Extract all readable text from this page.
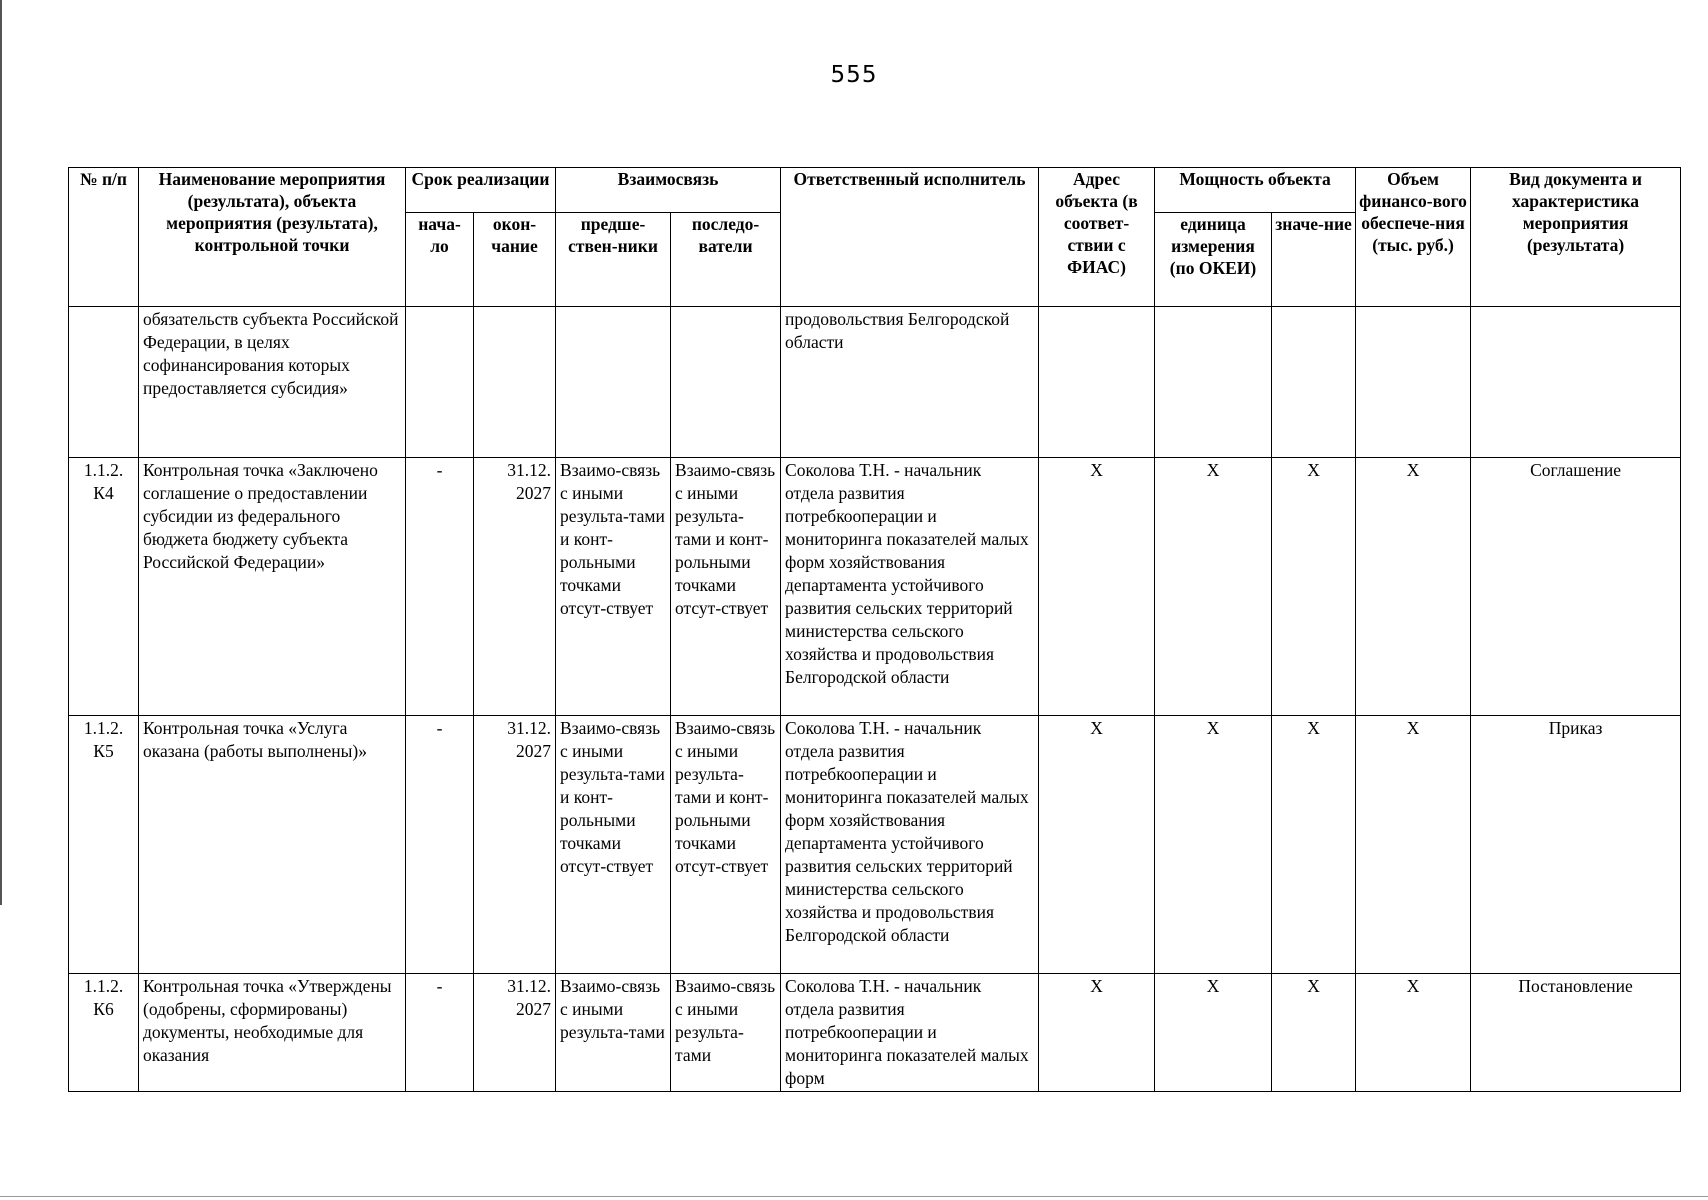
555
№ п/п	Наименование мероприятия (результата), объекта мероприятия (результата), контрольной точки	Срок реализации		Взаимосвязь		Ответственный исполнитель	Адрес объекта (в соответ-ствии с ФИАС)	Мощность объекта		Объем финансо-вого обеспече-ния (тыс. руб.)	Вид документа и характеристика мероприятия (результата)
		нача-ло	окон-чание	предше-ствен-ники	последо-ватели			единица измерения (по ОКЕИ)	значе-ние		
	обязательств субъекта Российской Федерации, в целях софинансирования которых предоставляется субсидия»					продовольствия Белгородской области					
1.1.2. К4	Контрольная точка «Заключено соглашение о предоставлении субсидии из федерального бюджета бюджету субъекта Российской Федерации»	-	31.12. 2027	Взаимо-связь с иными результа-тами и конт-рольными точками отсут-ствует	Взаимо-связь с иными результа-тами и конт-рольными точками отсут-ствует	Соколова Т.Н. - начальник отдела развития потребкооперации и мониторинга показателей малых форм хозяйствования департамента устойчивого развития сельских территорий министерства сельского хозяйства и продовольствия Белгородской области	Х	Х	Х	Х	Соглашение
1.1.2. К5	Контрольная точка «Услуга оказана (работы выполнены)»	-	31.12. 2027	Взаимо-связь с иными результа-тами и конт-рольными точками отсут-ствует	Взаимо-связь с иными результа-тами и конт-рольными точками отсут-ствует	Соколова Т.Н. - начальник отдела развития потребкооперации и мониторинга показателей малых форм хозяйствования департамента устойчивого развития сельских территорий министерства сельского хозяйства и продовольствия Белгородской области	Х	Х	Х	Х	Приказ
1.1.2. К6	Контрольная точка «Утверждены (одобрены, сформированы) документы, необходимые для оказания	-	31.12. 2027	Взаимо-связь с иными результа-тами	Взаимо-связь с иными результа-тами	Соколова Т.Н. - начальник отдела развития потребкооперации и мониторинга показателей малых форм	Х	Х	Х	Х	Постановление
